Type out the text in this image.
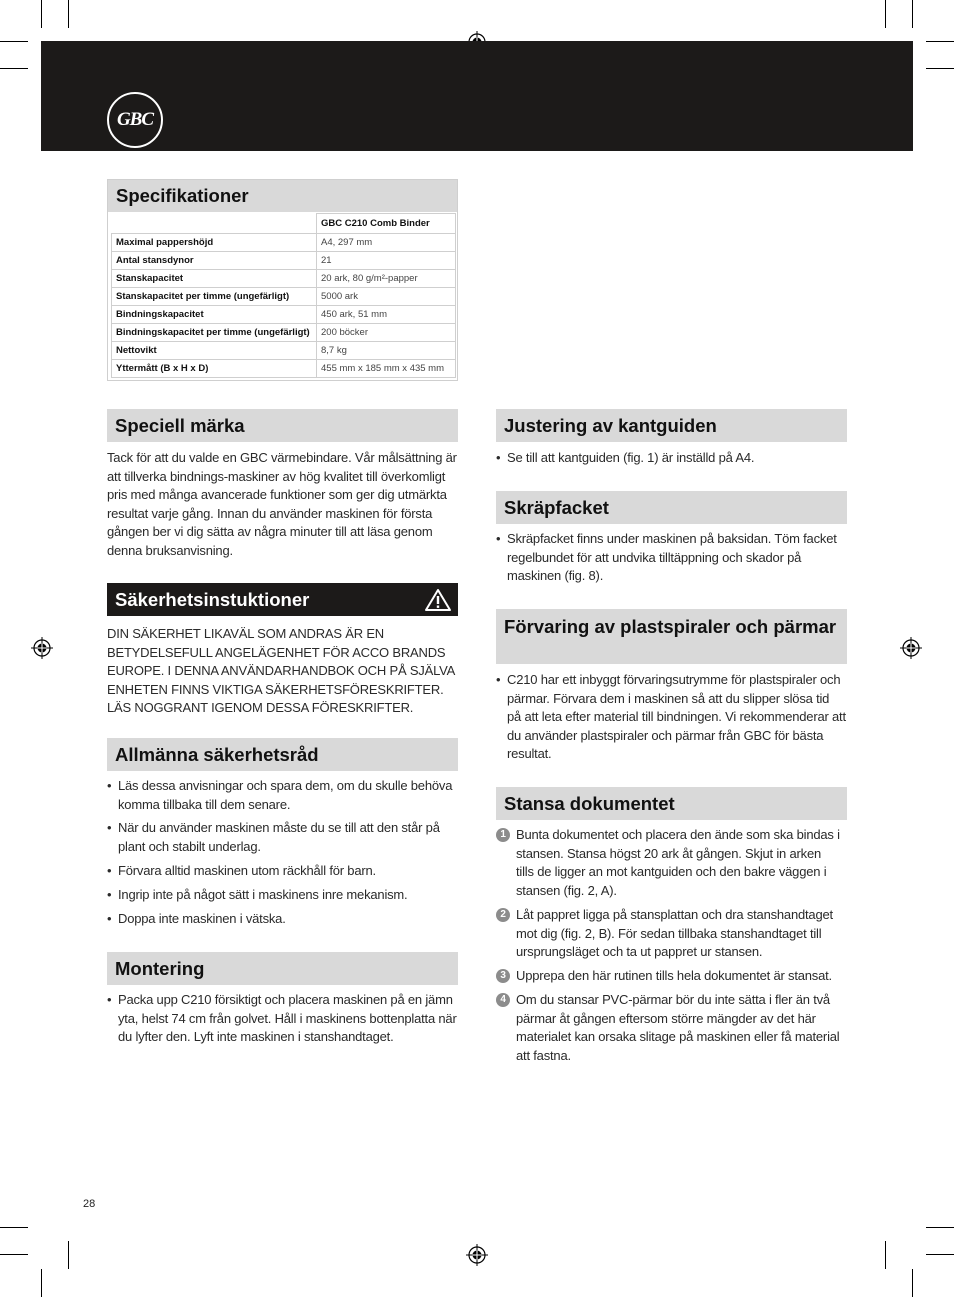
GBC
Specifikationer
	GBC C210 Comb Binder
Maximal pappershöjd	A4, 297 mm
Antal stansdynor	21
Stanskapacitet	20 ark, 80 g/m²-papper
Stanskapacitet per timme (ungefärligt)	5000 ark
Bindningskapacitet	450 ark, 51 mm
Bindningskapacitet per timme (ungefärligt)	200 böcker
Nettovikt	8,7 kg
Yttermått (B x H x D)	455 mm x 185 mm x 435 mm
Speciell märka
Tack för att du valde en GBC värmebindare. Vår målsättning är att tillverka bindnings-maskiner av hög kvalitet till överkomligt pris med många avancerade funktioner som ger dig utmärkta resultat varje gång. Innan du använder maskinen för första gången ber vi dig sätta av några minuter till att läsa genom denna bruksanvisning.
Säkerhetsinstuktioner
DIN SÄKERHET LIKAVÄL SOM ANDRAS ÄR EN BETYDELSEFULL ANGELÄGENHET FÖR ACCO BRANDS EUROPE. I DENNA ANVÄNDARHANDBOK OCH PÅ SJÄLVA ENHETEN FINNS VIKTIGA SÄKERHETSFÖRESKRIFTER. LÄS NOGGRANT IGENOM DESSA FÖRESKRIFTER.
Allmänna säkerhetsråd
• Läs dessa anvisningar och spara dem, om du skulle behöva komma tillbaka till dem senare.
• När du använder maskinen måste du se till att den står på plant och stabilt underlag.
• Förvara alltid maskinen utom räckhåll för barn.
• Ingrip inte på något sätt i maskinens inre mekanism.
• Doppa inte maskinen i vätska.
Montering
• Packa upp C210 försiktigt och placera maskinen på en jämn yta, helst 74 cm från golvet. Håll i maskinens bottenplatta när du lyfter den. Lyft inte maskinen i stanshandtaget.
Justering av kantguiden
• Se till att kantguiden (fig. 1) är inställd på A4.
Skräpfacket
• Skräpfacket finns under maskinen på baksidan. Töm facket regelbundet för att undvika tilltäppning och skador på maskinen (fig. 8).
Förvaring av plastspiraler och pärmar
• C210 har ett inbyggt förvaringsutrymme för plastspiraler och pärmar. Förvara dem i maskinen så att du slipper slösa tid på att leta efter material till bindningen. Vi rekommenderar att du använder plastspiraler och pärmar från GBC för bästa resultat.
Stansa dokumentet
1 Bunta dokumentet och placera den ände som ska bindas i stansen. Stansa högst 20 ark åt gången. Skjut in arken tills de ligger an mot kantguiden och den bakre väggen i stansen (fig. 2, A).
2 Låt pappret ligga på stansplattan och dra stanshandtaget mot dig (fig. 2, B). För sedan tillbaka stanshandtaget till ursprungsläget och ta ut pappret ur stansen.
3 Upprepa den här rutinen tills hela dokumentet är stansat.
4 Om du stansar PVC-pärmar bör du inte sätta i fler än två pärmar åt gången eftersom större mängder av det här materialet kan orsaka slitage på maskinen eller få material att fastna.
28
